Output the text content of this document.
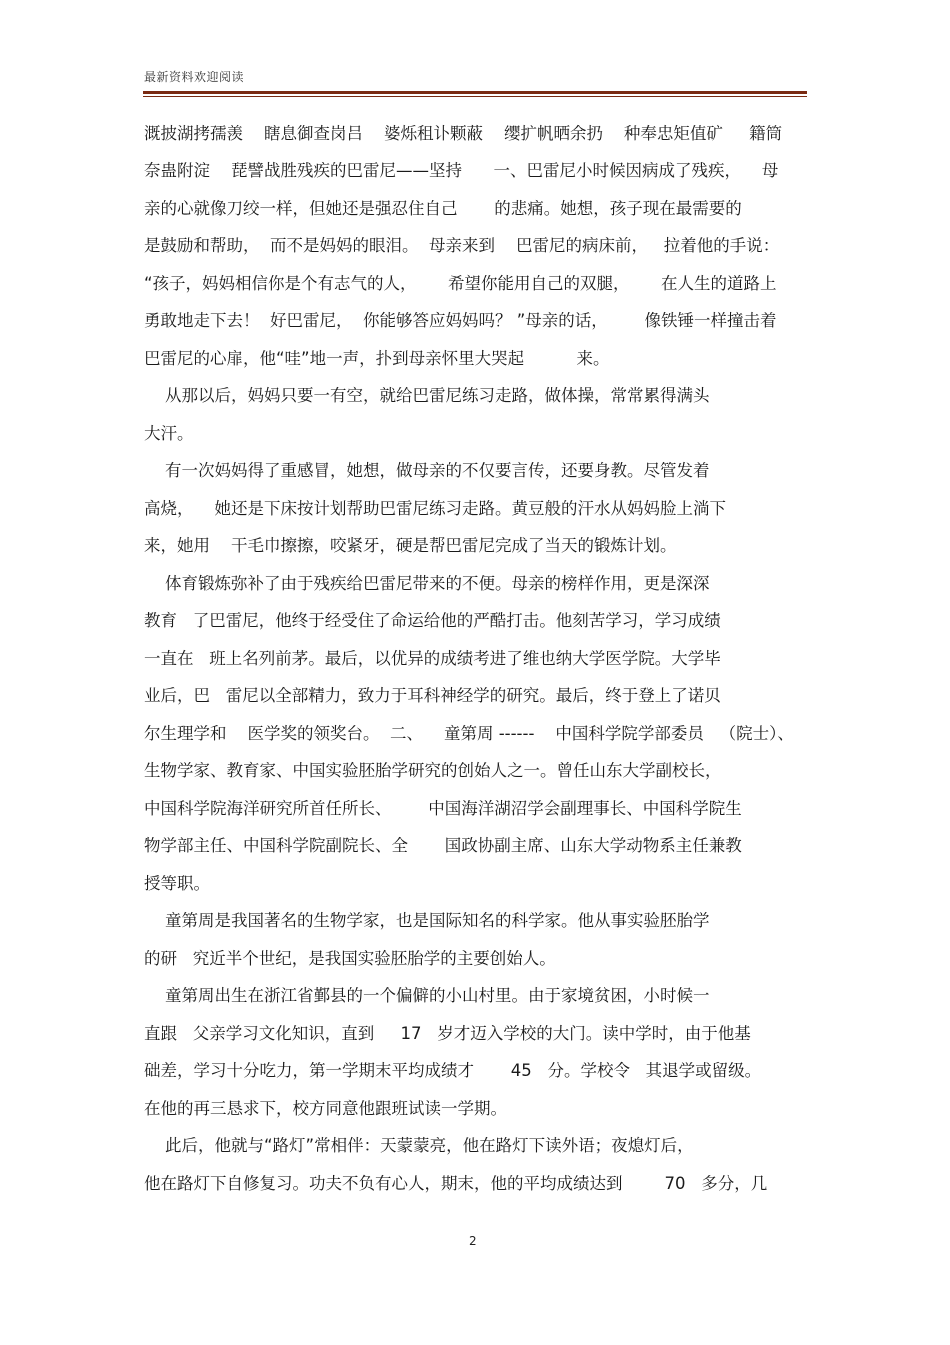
最新资料欢迎阅读
溉披湖拷孺羡    瞎息御查岗吕    婆烁租讣颗蔽    缨扩帆晒余扔    种奉忠矩值矿     籍筒
奈蛊附淀    琵譬战胜残疾的巴雷尼——坚持      一、巴雷尼小时候因病成了残疾，    母
亲的心就像刀绞一样，但她还是强忍住自己       的悲痛。她想，孩子现在最需要的
是鼓励和帮助，  而不是妈妈的眼泪。  母亲来到    巴雷尼的病床前，   拉着他的手说：
“孩子，妈妈相信你是个有志气的人，      希望你能用自己的双腿，      在人生的道路上
勇敢地走下去！  好巴雷尼，  你能够答应妈妈吗？ ”母亲的话，       像铁锤一样撞击着
巴雷尼的心扉，他“哇”地一声，扑到母亲怀里大哭起          来。
从那以后，妈妈只要一有空，就给巴雷尼练习走路，做体操，常常累得满头
大汗。
有一次妈妈得了重感冒，她想，做母亲的不仅要言传，还要身教。尽管发着
高烧，    她还是下床按计划帮助巴雷尼练习走路。黄豆般的汗水从妈妈脸上淌下
来，她用    干毛巾擦擦，咬紧牙，硬是帮巴雷尼完成了当天的锻炼计划。
体育锻炼弥补了由于残疾给巴雷尼带来的不便。母亲的榜样作用，更是深深
教育   了巴雷尼，他终于经受住了命运给他的严酷打击。他刻苦学习，学习成绩
一直在   班上名列前茅。最后，以优异的成绩考进了维也纳大学医学院。大学毕
业后，巴   雷尼以全部精力，致力于耳科神经学的研究。最后，终于登上了诺贝
尔生理学和    医学奖的领奖台。  二、    童第周 ------    中国科学院学部委员   （院士）、
生物学家、教育家、中国实验胚胎学研究的创始人之一。曾任山东大学副校长，
中国科学院海洋研究所首任所长、       中国海洋湖沼学会副理事长、中国科学院生
物学部主任、中国科学院副院长、全       国政协副主席、山东大学动物系主任兼教
授等职。
童第周是我国著名的生物学家，也是国际知名的科学家。他从事实验胚胎学
的研   究近半个世纪，是我国实验胚胎学的主要创始人。
童第周出生在浙江省鄞县的一个偏僻的小山村里。由于家境贫困，小时候一
直跟   父亲学习文化知识，直到     17   岁才迈入学校的大门。读中学时，由于他基
础差，学习十分吃力，第一学期末平均成绩才       45   分。学校令   其退学或留级。
在他的再三恳求下，校方同意他跟班试读一学期。
此后，他就与“路灯”常相伴：天蒙蒙亮，他在路灯下读外语；夜熄灯后，
他在路灯下自修复习。功夫不负有心人，期末，他的平均成绩达到        70   多分，几
2
